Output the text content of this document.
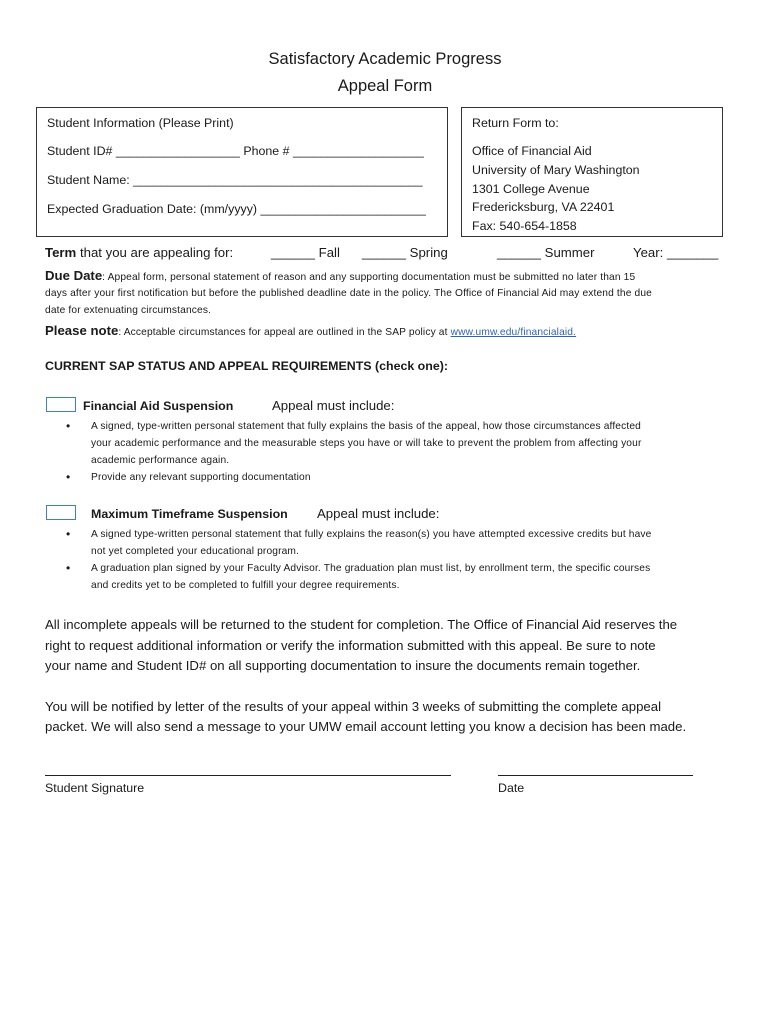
Satisfactory Academic Progress
Appeal Form
Student Information (Please Print)
Student ID# __________________ Phone # ___________________
Student Name: __________________________________________
Expected Graduation Date: (mm/yyyy) ________________________
Return Form to:
Office of Financial Aid
University of Mary Washington
1301 College Avenue
Fredericksburg, VA 22401
Fax: 540-654-1858
Term that you are appealing for:	______ Fall ______ Spring	______ Summer	Year: _______
Due Date: Appeal form, personal statement of reason and any supporting documentation must be submitted no later than 15
days after your first notification but before the published deadline date in the policy. The Office of Financial Aid may extend the due
date for extenuating circumstances.
Please note: Acceptable circumstances for appeal are outlined in the SAP policy at www.umw.edu/financialaid.
CURRENT SAP STATUS AND APPEAL REQUIREMENTS (check one):
Financial Aid Suspension	Appeal must include:
• A signed, type-written personal statement that fully explains the basis of the appeal, how those circumstances affected
your academic performance and the measurable steps you have or will take to prevent the problem from affecting your
academic performance again.
• Provide any relevant supporting documentation
Maximum Timeframe Suspension Appeal must include:
• A signed type-written personal statement that fully explains the reason(s) you have attempted excessive credits but have
not yet completed your educational program.
• A graduation plan signed by your Faculty Advisor. The graduation plan must list, by enrollment term, the specific courses
and credits yet to be completed to fulfill your degree requirements.
All incomplete appeals will be returned to the student for completion. The Office of Financial Aid reserves the
right to request additional information or verify the information submitted with this appeal. Be sure to note
your name and Student ID# on all supporting documentation to insure the documents remain together.
You will be notified by letter of the results of your appeal within 3 weeks of submitting the complete appeal
packet. We will also send a message to your UMW email account letting you know a decision has been made.
Student Signature	Date
